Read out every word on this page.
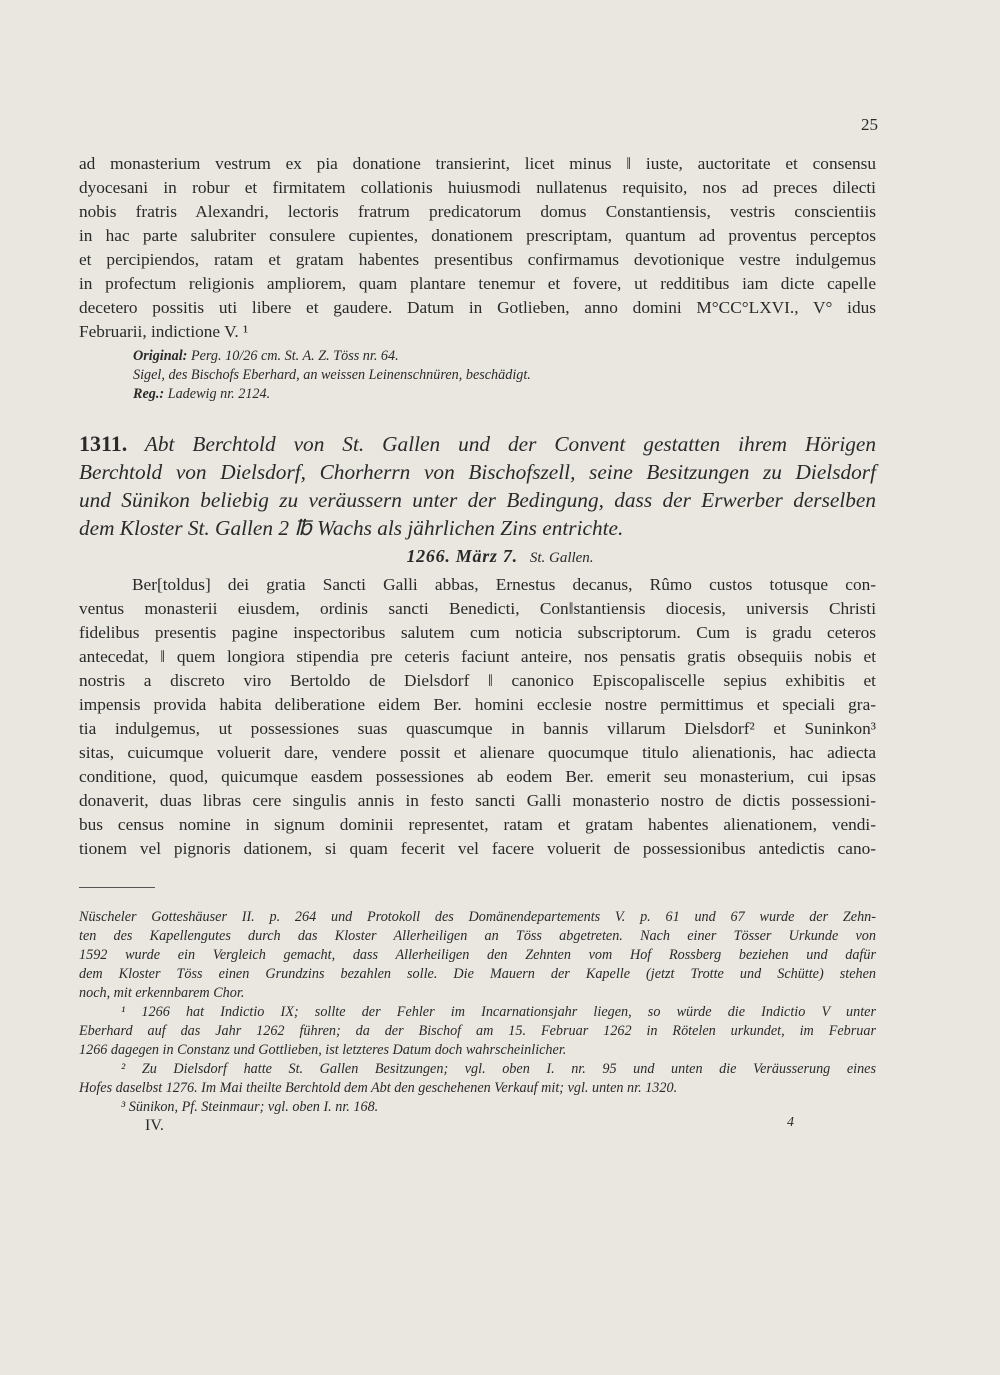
25
ad monasterium vestrum ex pia donatione transierint, licet minus ‖ iuste, auctoritate et consensu
dyocesani in robur et firmitatem collationis huiusmodi nullatenus requisito, nos ad preces dilecti
nobis fratris Alexandri, lectoris fratrum predicatorum domus Constantiensis, vestris conscientiis
in hac parte salubriter consulere cupientes, donationem prescriptam, quantum ad proventus perceptos
et percipiendos, ratam et gratam habentes presentibus confirmamus devotionique vestre indulgemus
in profectum religionis ampliorem, quam plantare tenemur et fovere, ut redditibus iam dicte capelle
decetero possitis uti libere et gaudere. Datum in Gotlieben, anno domini M°CC°LXVI., V° idus
Februarii, indictione V. ¹
Original: Perg. 10/26 cm. St. A. Z. Töss nr. 64.
Sigel, des Bischofs Eberhard, an weissen Leinenschnüren, beschädigt.
Reg.: Ladewig nr. 2124.
1311. Abt Berchtold von St. Gallen und der Convent gestatten ihrem Hörigen
Berchtold von Dielsdorf, Chorherrn von Bischofszell, seine Besitzungen zu Dielsdorf
und Sünikon beliebig zu veräussern unter der Bedingung, dass der Erwerber derselben
dem Kloster St. Gallen 2 ℔ Wachs als jährlichen Zins entrichte.
1266. März 7. St. Gallen.
Ber[toldus] dei gratia Sancti Galli abbas, Ernestus decanus, Rûmo custos totusque con-
ventus monasterii eiusdem, ordinis sancti Benedicti, Con‖stantiensis diocesis, universis Christi
fidelibus presentis pagine inspectoribus salutem cum noticia subscriptorum. Cum is gradu ceteros
antecedat, ‖ quem longiora stipendia pre ceteris faciunt anteire, nos pensatis gratis obsequiis nobis et
nostris a discreto viro Bertoldo de Dielsdorf ‖ canonico Episcopaliscelle sepius exhibitis et
impensis provida habita deliberatione eidem Ber. homini ecclesie nostre permittimus et speciali gra-
tia indulgemus, ut possessiones suas quascumque in bannis villarum Dielsdorf² et Suninkon³
sitas, cuicumque voluerit dare, vendere possit et alienare quocumque titulo alienationis, hac adiecta
conditione, quod, quicumque easdem possessiones ab eodem Ber. emerit seu monasterium, cui ipsas
donaverit, duas libras cere singulis annis in festo sancti Galli monasterio nostro de dictis possessioni-
bus census nomine in signum dominii representet, ratam et gratam habentes alienationem, vendi-
tionem vel pignoris dationem, si quam fecerit vel facere voluerit de possessionibus antedictis cano-
Nüscheler Gotteshäuser II. p. 264 und Protokoll des Domänendepartements V. p. 61 und 67 wurde der Zehn-
ten des Kapellengutes durch das Kloster Allerheiligen an Töss abgetreten. Nach einer Tösser Urkunde von
1592 wurde ein Vergleich gemacht, dass Allerheiligen den Zehnten vom Hof Rossberg beziehen und dafür
dem Kloster Töss einen Grundzins bezahlen solle. Die Mauern der Kapelle (jetzt Trotte und Schütte) stehen
noch, mit erkennbarem Chor.
¹ 1266 hat Indictio IX; sollte der Fehler im Incarnationsjahr liegen, so würde die Indictio V unter
Eberhard auf das Jahr 1262 führen; da der Bischof am 15. Februar 1262 in Rötelen urkundet, im Februar
1266 dagegen in Constanz und Gottlieben, ist letzteres Datum doch wahrscheinlicher.
² Zu Dielsdorf hatte St. Gallen Besitzungen; vgl. oben I. nr. 95 und unten die Veräusserung eines
Hofes daselbst 1276. Im Mai theilte Berchtold dem Abt den geschehenen Verkauf mit; vgl. unten nr. 1320.
³ Sünikon, Pf. Steinmaur; vgl. oben I. nr. 168.
IV.	4
